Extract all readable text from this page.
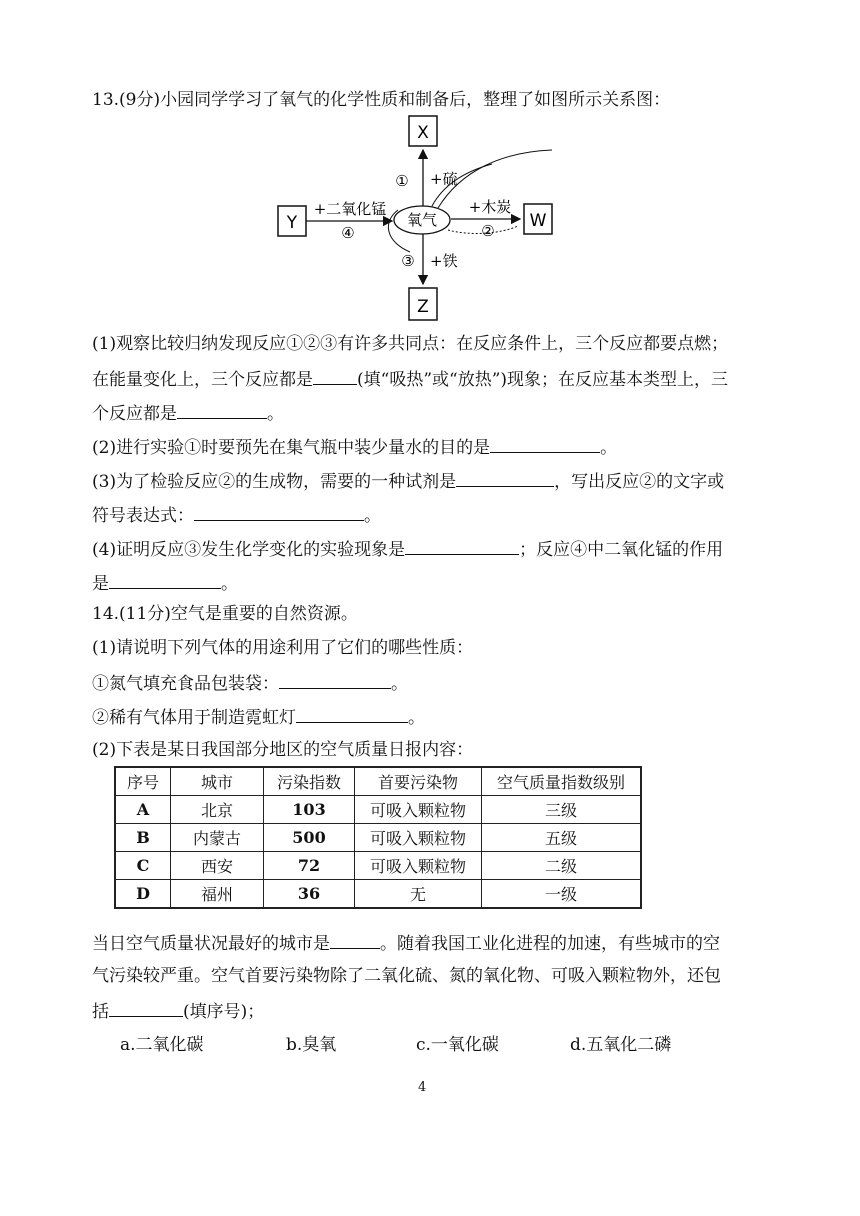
13.(9分)小园同学学习了氧气的化学性质和制备后，整理了如图所示关系图：
X
Z
Y	W
氧气
① +硫
+二氧化锰
④
+木炭
②
③ +铁
(1)观察比较归纳发现反应①②③有许多共同点：在反应条件上，三个反应都要点燃；
在能量变化上，三个反应都是	(填“吸热”或“放热”)现象；在反应基本类型上，三
个反应都是	。
(2)进行实验①时要预先在集气瓶中装少量水的目的是	。
(3)为了检验反应②的生成物，需要的一种试剂是	，写出反应②的文字或
符号表达式：	。
(4)证明反应③发生化学变化的实验现象是	；反应④中二氧化锰的作用
是	。
14.(11分)空气是重要的自然资源。
(1)请说明下列气体的用途利用了它们的哪些性质：
①氮气填充食品包装袋：	。
②稀有气体用于制造霓虹灯	。
(2)下表是某日我国部分地区的空气质量日报内容：
序号	城市	污染指数	首要污染物	空气质量指数级别
A	北京	103	可吸入颗粒物	三级
B	内蒙古	500	可吸入颗粒物	五级
C	西安	72	可吸入颗粒物	二级
D	福州	36	无	一级
当日空气质量状况最好的城市是	。随着我国工业化进程的加速，有些城市的空
气污染较严重。空气首要污染物除了二氧化硫、氮的氧化物、可吸入颗粒物外，还包
括	(填序号)；
a.二氧化碳	b.臭氧	c.一氧化碳	d.五氧化二磷
4
